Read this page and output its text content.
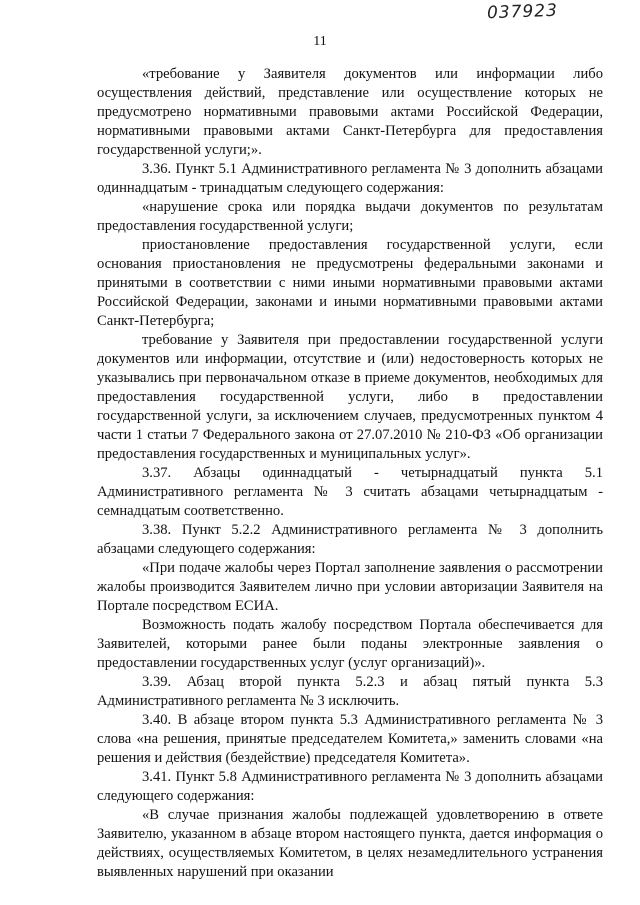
037923
11

«требование у Заявителя документов или информации либо осуществления действий, представление или осуществление которых не предусмотрено нормативными правовыми актами Российской Федерации, нормативными правовыми актами Санкт-Петербурга для предоставления государственной услуги;».

3.36. Пункт 5.1 Административного регламента № 3 дополнить абзацами одиннадцатым - тринадцатым следующего содержания:

«нарушение срока или порядка выдачи документов по результатам предоставления государственной услуги;

приостановление предоставления государственной услуги, если основания приостановления не предусмотрены федеральными законами и принятыми в соответствии с ними иными нормативными правовыми актами Российской Федерации, законами и иными нормативными правовыми актами Санкт-Петербурга;

требование у Заявителя при предоставлении государственной услуги документов или информации, отсутствие и (или) недостоверность которых не указывались при первоначальном отказе в приеме документов, необходимых для предоставления государственной услуги, либо в предоставлении государственной услуги, за исключением случаев, предусмотренных пунктом 4 части 1 статьи 7 Федерального закона от 27.07.2010 № 210-ФЗ «Об организации предоставления государственных и муниципальных услуг».

3.37. Абзацы одиннадцатый - четырнадцатый пункта 5.1 Административного регламента № 3 считать абзацами четырнадцатым - семнадцатым соответственно.

3.38. Пункт 5.2.2 Административного регламента № 3 дополнить абзацами следующего содержания:

«При подаче жалобы через Портал заполнение заявления о рассмотрении жалобы производится Заявителем лично при условии авторизации Заявителя на Портале посредством ЕСИА.

Возможность подать жалобу посредством Портала обеспечивается для Заявителей, которыми ранее были поданы электронные заявления о предоставлении государственных услуг (услуг организаций)».

3.39. Абзац второй пункта 5.2.3 и абзац пятый пункта 5.3 Административного регламента № 3 исключить.

3.40. В абзаце втором пункта 5.3 Административного регламента № 3 слова «на решения, принятые председателем Комитета,» заменить словами «на решения и действия (бездействие) председателя Комитета».

3.41. Пункт 5.8 Административного регламента № 3 дополнить абзацами следующего содержания:

«В случае признания жалобы подлежащей удовлетворению в ответе Заявителю, указанном в абзаце втором настоящего пункта, дается информация о действиях, осуществляемых Комитетом, в целях незамедлительного устранения выявленных нарушений при оказании
